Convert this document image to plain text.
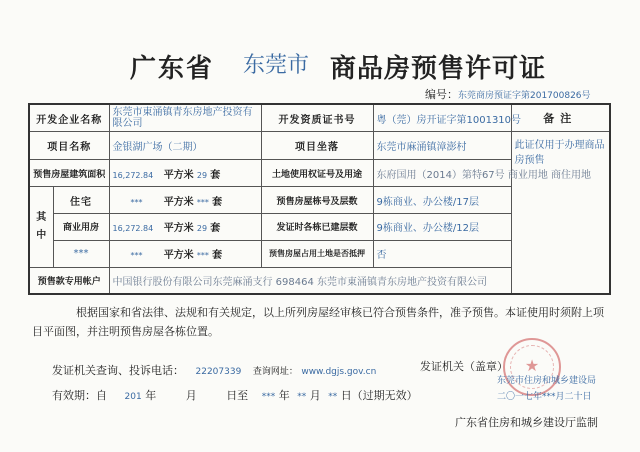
广东省 东莞市 商品房预售许可证
编号：东莞商房预证字第201700826号
开发企业名称		东莞市東涌镇青东房地产投资有限公司	开发资质证书号	粤（莞）房开证字第1001310号	备注
项目名称		金银湖广场（二期）	项目坐落	东莞市麻涌镇漳澎村	此证仅用于办理商品房预售
预售房屋建筑面积		16,272.84 平方米 29 套	土地使用权证号及用途	东府国用（2014）第特67号 商业用地 商住用地	
其中	住宅	*** 平方米 *** 套	预售房屋栋号及层数	9栋商业、办公楼/17层	
	商业用房	16,272.84 平方米 29 套	发证时各栋已建层数	9栋商业、办公楼/12层	
	***	*** 平方米 *** 套	预售房屋占用土地是否抵押	否	
预售款专用帐户		中国银行股份有限公司东莞麻涌支行 698464 东莞市東涌镇青东房地产投资有限公司			
根据国家和省法律、法规和有关规定，以上所列房屋经审核已符合预售条件，准予预售。本证使用时须附上项目平面图，并注明预售房屋各栋位置。
发证机关查询、投诉电话： 22207339 查询网址： www.dgjs.gov.cn
有效期：自 201 年	月	日至 *** 年 ** 月 ** 日（过期无效）
★
发证机关（盖章）
东莞市住房和城乡建设局
二〇一七年***月二十日
广东省住房和城乡建设厅监制
